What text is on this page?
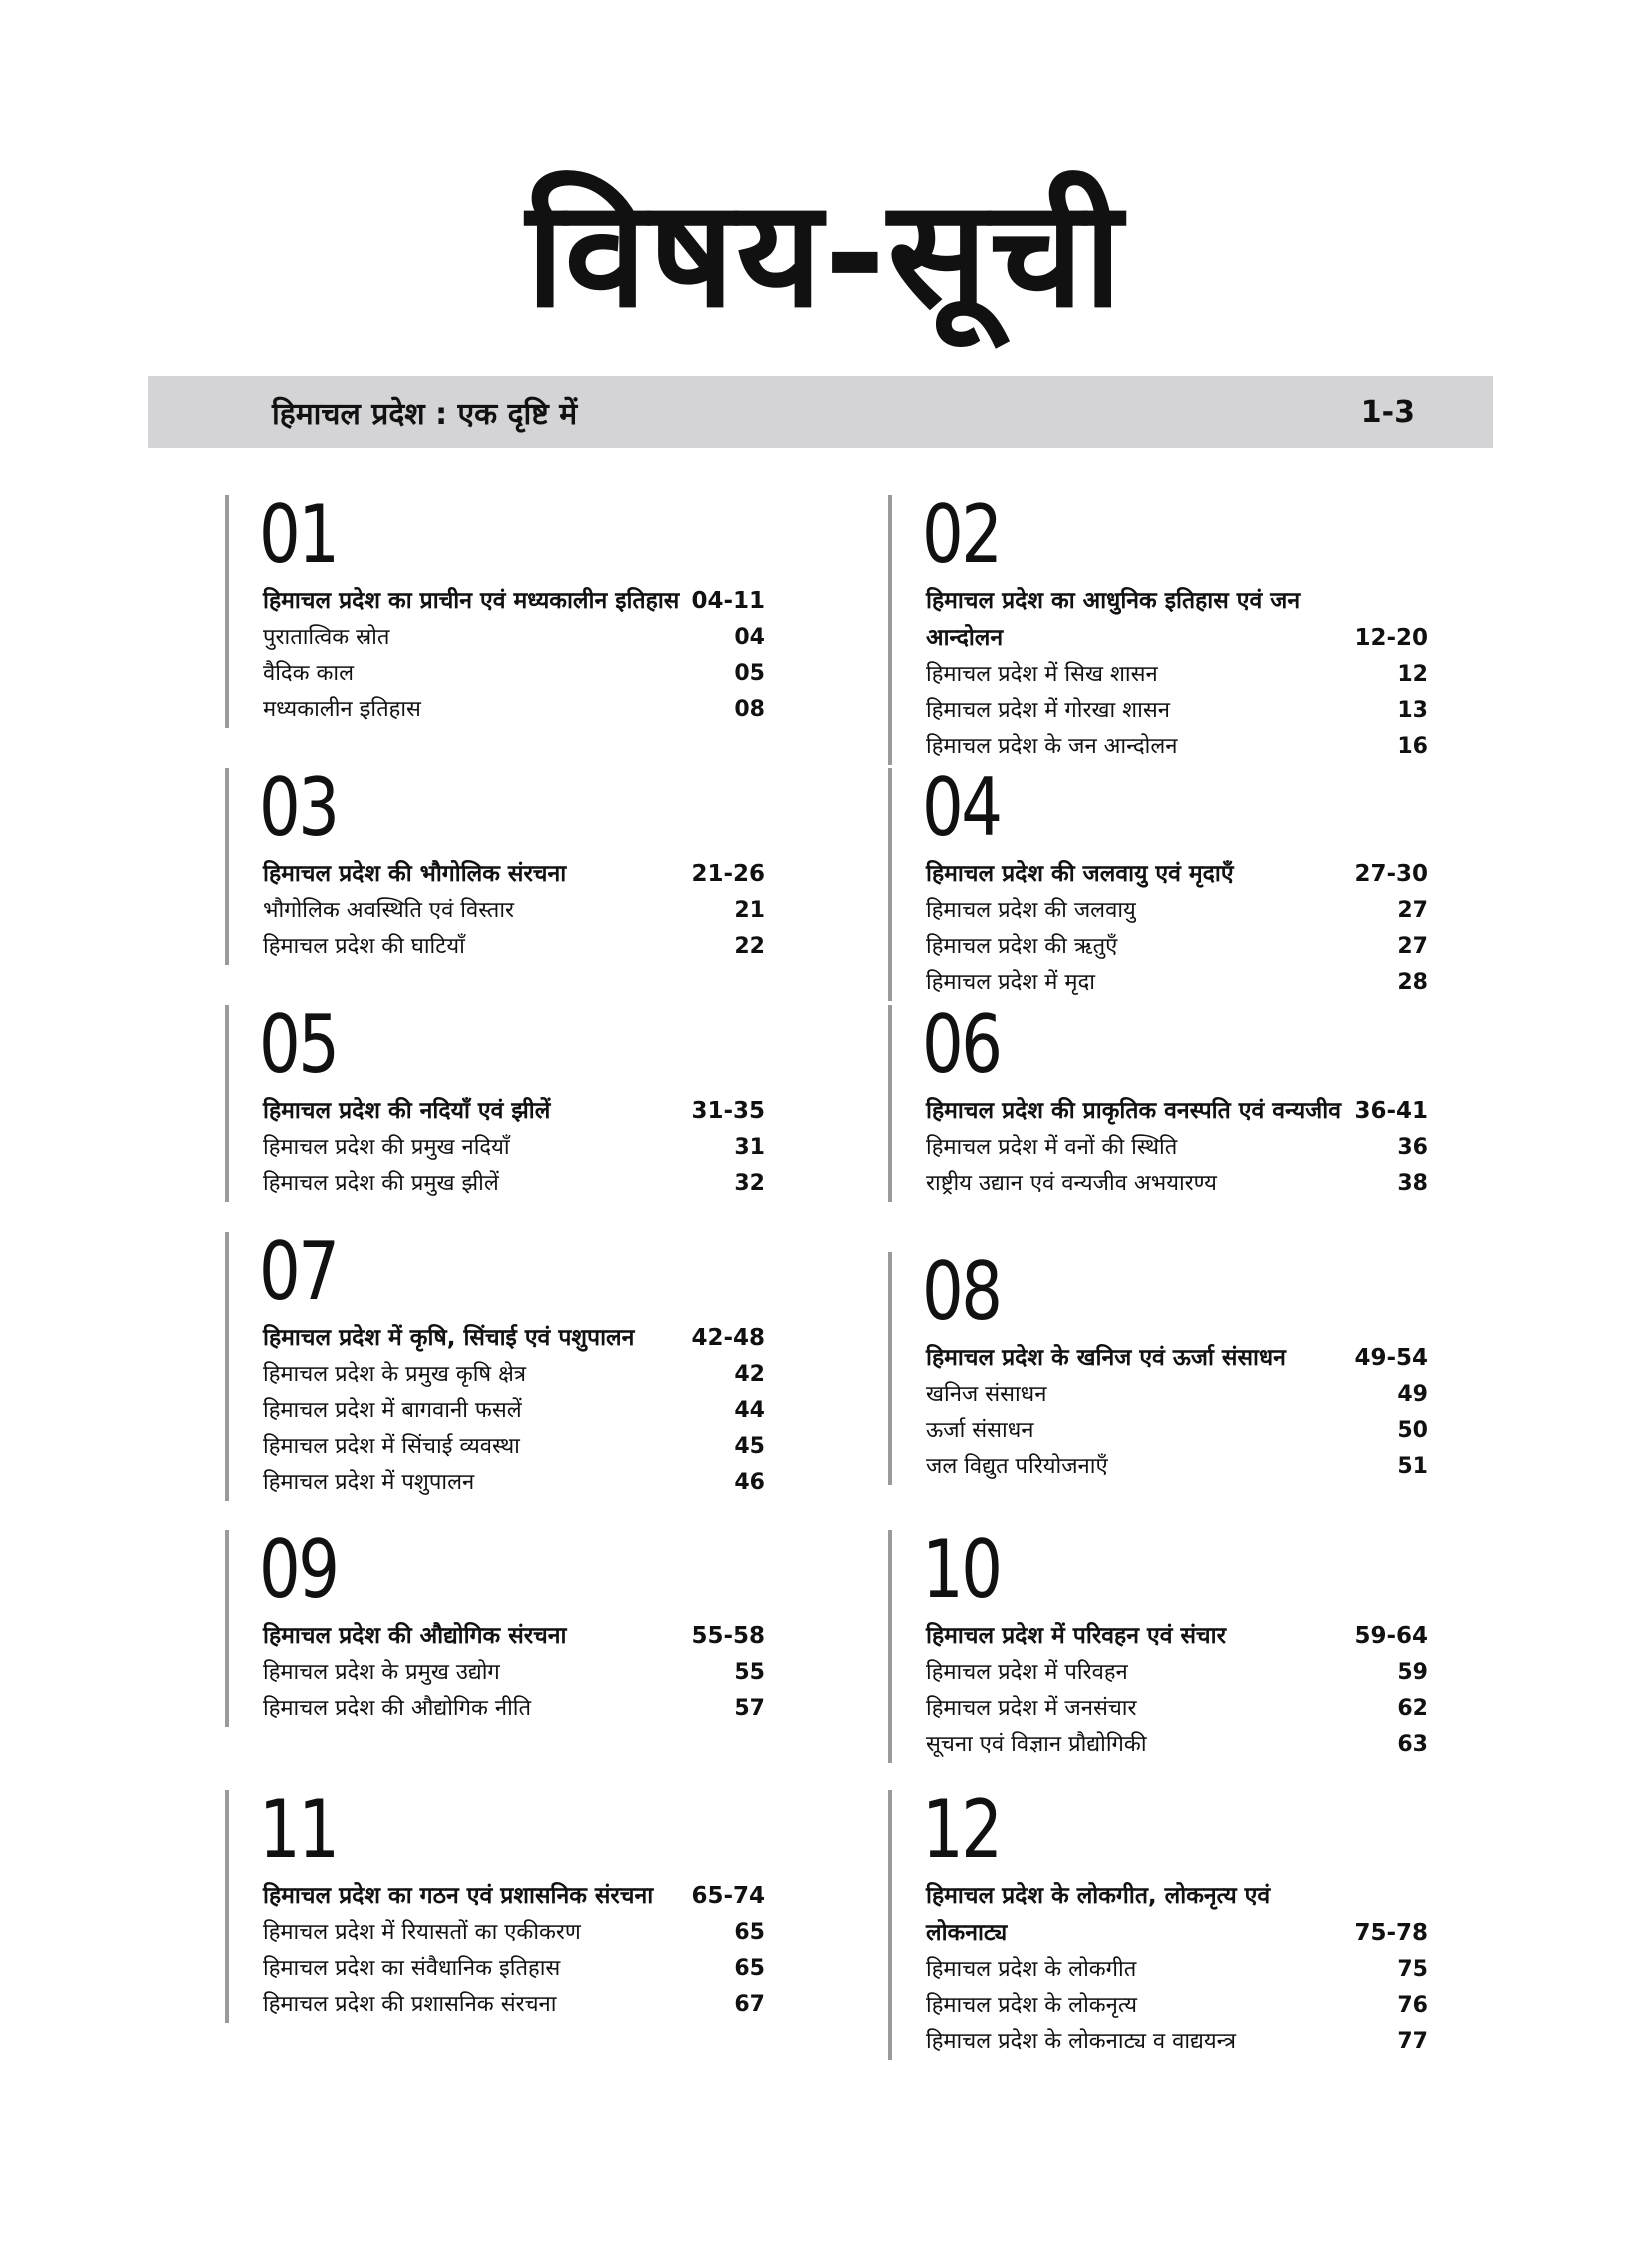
विषय-सूची
हिमाचल प्रदेश : एक दृष्टि में	1-3
01
हिमाचल प्रदेश का प्राचीन एवं मध्यकालीन इतिहास 04-11
पुरातात्विक स्रोत	04
वैदिक काल	05
मध्यकालीन इतिहास	08
02
हिमाचल प्रदेश का आधुनिक इतिहास एवं जन आन्दोलन	12-20
हिमाचल प्रदेश में सिख शासन	12
हिमाचल प्रदेश में गोरखा शासन	13
हिमाचल प्रदेश के जन आन्दोलन	16
03
हिमाचल प्रदेश की भौगोलिक संरचना	21-26
भौगोलिक अवस्थिति एवं विस्तार	21
हिमाचल प्रदेश की घाटियाँ	22
04
हिमाचल प्रदेश की जलवायु एवं मृदाएँ	27-30
हिमाचल प्रदेश की जलवायु	27
हिमाचल प्रदेश की ऋतुएँ	27
हिमाचल प्रदेश में मृदा	28
05
हिमाचल प्रदेश की नदियाँ एवं झीलें	31-35
हिमाचल प्रदेश की प्रमुख नदियाँ	31
हिमाचल प्रदेश की प्रमुख झीलें	32
06
हिमाचल प्रदेश की प्राकृतिक वनस्पति एवं वन्यजीव 36-41
हिमाचल प्रदेश में वनों की स्थिति	36
राष्ट्रीय उद्यान एवं वन्यजीव अभयारण्य	38
07
हिमाचल प्रदेश में कृषि, सिंचाई एवं पशुपालन	42-48
हिमाचल प्रदेश के प्रमुख कृषि क्षेत्र	42
हिमाचल प्रदेश में बागवानी फसलें	44
हिमाचल प्रदेश में सिंचाई व्यवस्था	45
हिमाचल प्रदेश में पशुपालन	46
08
हिमाचल प्रदेश के खनिज एवं ऊर्जा संसाधन	49-54
खनिज संसाधन	49
ऊर्जा संसाधन	50
जल विद्युत परियोजनाएँ	51
09
हिमाचल प्रदेश की औद्योगिक संरचना	55-58
हिमाचल प्रदेश के प्रमुख उद्योग	55
हिमाचल प्रदेश की औद्योगिक नीति	57
10
हिमाचल प्रदेश में परिवहन एवं संचार	59-64
हिमाचल प्रदेश में परिवहन	59
हिमाचल प्रदेश में जनसंचार	62
सूचना एवं विज्ञान प्रौद्योगिकी	63
11
हिमाचल प्रदेश का गठन एवं प्रशासनिक संरचना	65-74
हिमाचल प्रदेश में रियासतों का एकीकरण	65
हिमाचल प्रदेश का संवैधानिक इतिहास	65
हिमाचल प्रदेश की प्रशासनिक संरचना	67
12
हिमाचल प्रदेश के लोकगीत, लोकनृत्य एवं लोकनाट्य	75-78
हिमाचल प्रदेश के लोकगीत	75
हिमाचल प्रदेश के लोकनृत्य	76
हिमाचल प्रदेश के लोकनाट्य व वाद्ययन्त्र	77
